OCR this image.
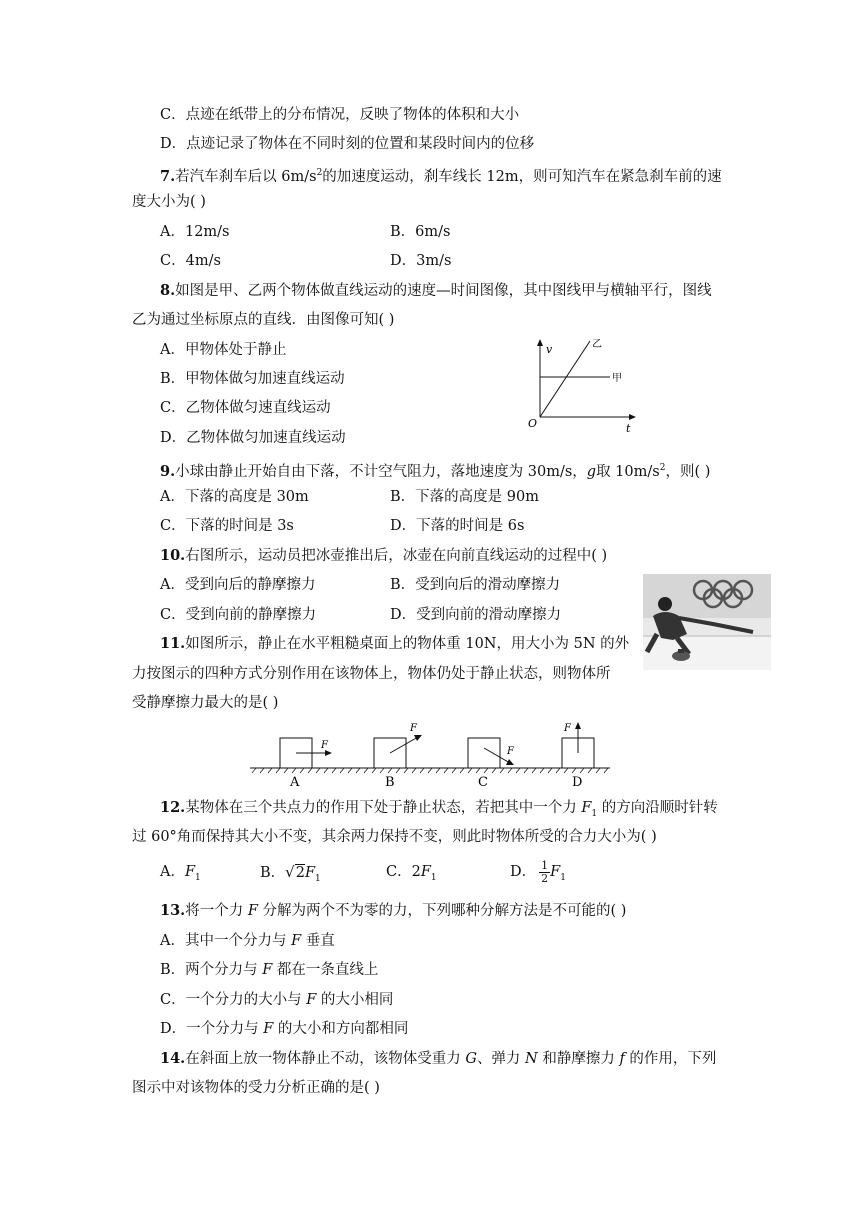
C．点迹在纸带上的分布情况，反映了物体的体积和大小
D．点迹记录了物体在不同时刻的位置和某段时间内的位移
7.若汽车刹车后以 $6m/s^2$的加速度运动，刹车线长 12m，则可知汽车在紧急刹车前的速
度大小为( )
A．12m/s	B．6m/s
C．4m/s	D．3m/s
8.如图是甲、乙两个物体做直线运动的速度—时间图像，其中图线甲与横轴平行，图线
乙为通过坐标原点的直线．由图像可知( )
A．甲物体处于静止
B．甲物体做匀加速直线运动
C．乙物体做匀速直线运动
D．乙物体做匀加速直线运动
v
t
O
甲
乙
9.小球由静止开始自由下落，不计空气阻力，落地速度为 30m/s，g取 $10m/s^2$，则( )
A．下落的高度是 30m	B．下落的高度是 90m
C．下落的时间是 3s	D．下落的时间是 6s
10.右图所示，运动员把冰壶推出后，冰壶在向前直线运动的过程中( )
A．受到向后的静摩擦力	B．受到向后的滑动摩擦力
C．受到向前的静摩擦力	D．受到向前的滑动摩擦力
11.如图所示，静止在水平粗糙桌面上的物体重 10N，用大小为 5N 的外
力按图示的四种方式分别作用在该物体上，物体仍处于静止状态，则物体所
受静摩擦力最大的是( )
F
A
F
B
F
C
F
D
12.某物体在三个共点力的作用下处于静止状态，若把其中一个力 $F_1$ 的方向沿顺时针转
过 60°角而保持其大小不变，其余两力保持不变，则此时物体所受的合力大小为( )
A．$F_1$	B．$√2F_1$	C．$2F_1$	D． $\frac{1}{2} F_1$
13.将一个力 F 分解为两个不为零的力，下列哪种分解方法是不可能的( )
A．其中一个分力与 F 垂直
B．两个分力与 F 都在一条直线上
C．一个分力的大小与 F 的大小相同
D．一个分力与 F 的大小和方向都相同
14.在斜面上放一物体静止不动，该物体受重力 G、弹力 N 和静摩擦力 f 的作用，下列
图示中对该物体的受力分析正确的是( )
